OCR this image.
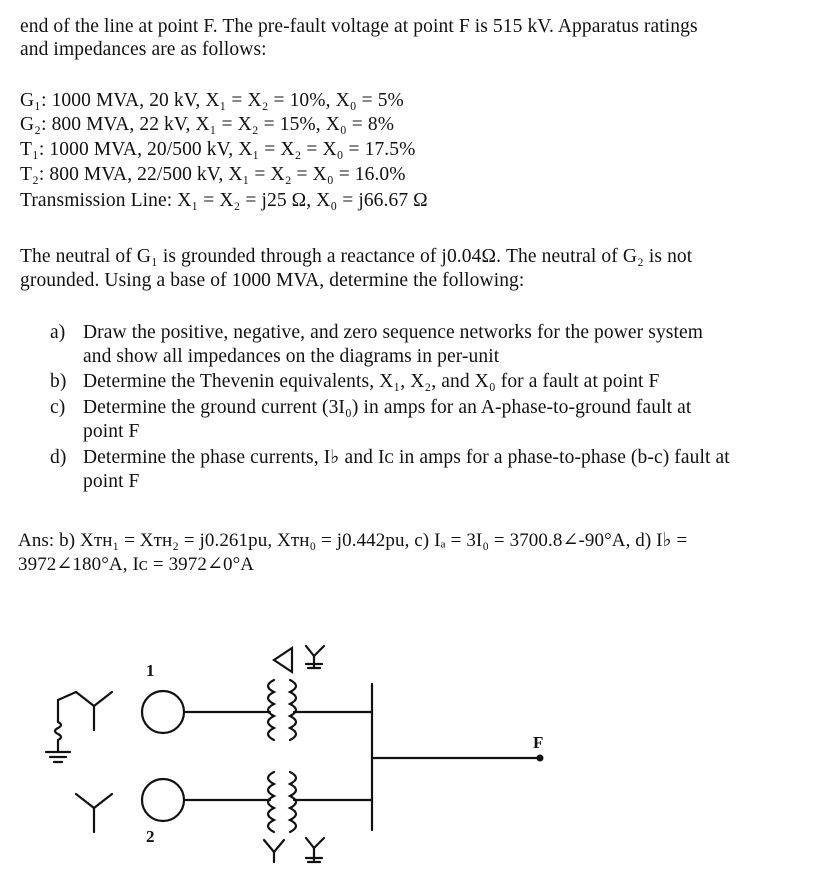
end of the line at point F. The pre-fault voltage at point F is 515 kV. Apparatus ratings
and impedances are as follows:
G₁: 1000 MVA, 20 kV, X₁ = X₂ = 10%, X₀ = 5%
G₂: 800 MVA, 22 kV, X₁ = X₂ = 15%, X₀ = 8%
T₁: 1000 MVA, 20/500 kV, X₁ = X₂ = X₀ = 17.5%
T₂: 800 MVA, 22/500 kV, X₁ = X₂ = X₀ = 16.0%
Transmission Line: X₁ = X₂ = j25 Ω, X₀ = j66.67 Ω
The neutral of G₁ is grounded through a reactance of j0.04Ω. The neutral of G₂ is not
grounded. Using a base of 1000 MVA, determine the following:
a) Draw the positive, negative, and zero sequence networks for the power system
and show all impedances on the diagrams in per-unit
b) Determine the Thevenin equivalents, X₁, X₂, and X₀ for a fault at point F
c) Determine the ground current (3I₀) in amps for an A-phase-to-ground fault at
point F
d) Determine the phase currents, I♭ and Iᴄ in amps for a phase-to-phase (b-c) fault at
point F
Ans: b) Xᴛʜ₁ = Xᴛʜ₂ = j0.261pu, Xᴛʜ₀ = j0.442pu, c) Iₐ = 3I₀ = 3700.8∠-90°A, d) I♭ =
3972∠180°A, Iᴄ = 3972∠0°A
1
2
F
